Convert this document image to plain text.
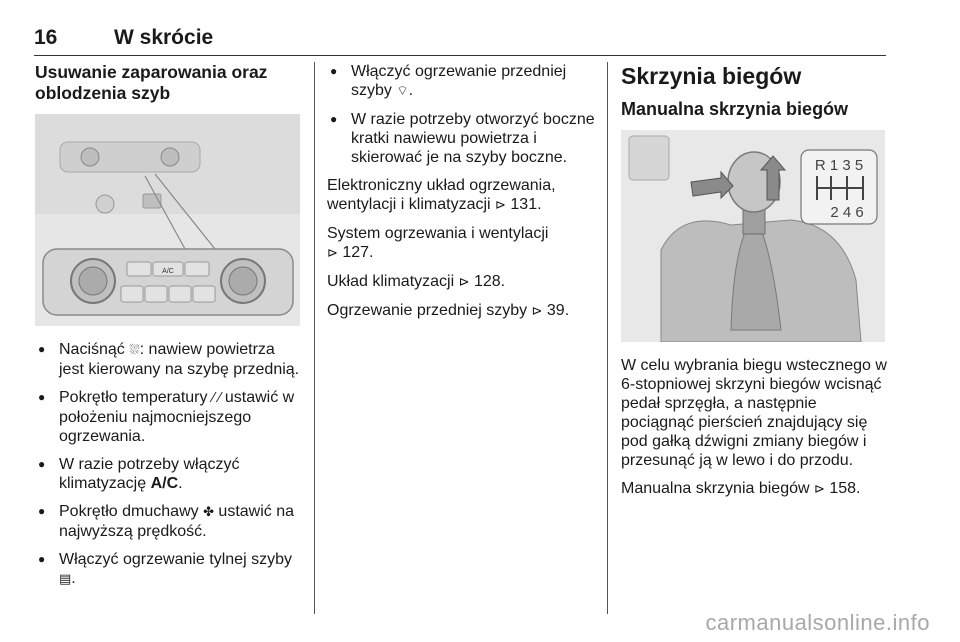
16	W skrócie
Usuwanie zaparowania oraz
oblodzenia szyb
A/C
● Naciśnąć ⛆: nawiew powietrza jest kierowany na szybę przednią.
● Pokrętło temperatury ⁄ ⁄ ustawić w położeniu najmocniejszego ogrzewania.
● W razie potrzeby włączyć klimatyzację A/C.
● Pokrętło dmuchawy ✤ ustawić na najwyższą prędkość.
● Włączyć ogrzewanie tylnej szyby ▤.
● Włączyć ogrzewanie przedniej szyby ⌔.
● W razie potrzeby otworzyć boczne kratki nawiewu powietrza i skierować je na szyby boczne.

Elektroniczny układ ogrzewania, wentylacji i klimatyzacji ⊳ 131.

System ogrzewania i wentylacji
⊳ 127.

Układ klimatyzacji ⊳ 128.

Ogrzewanie przedniej szyby ⊳ 39.

Skrzynia biegów
Manualna skrzynia biegów
R 1 3 5
2 4 6

W celu wybrania biegu wstecznego w 6-stopniowej skrzyni biegów wcisnąć pedał sprzęgła, a następnie pociągnąć pierścień znajdujący się pod gałką dźwigni zmiany biegów i przesunąć ją w lewo i do przodu.

Manualna skrzynia biegów ⊳ 158.

carmanualsonline.info
